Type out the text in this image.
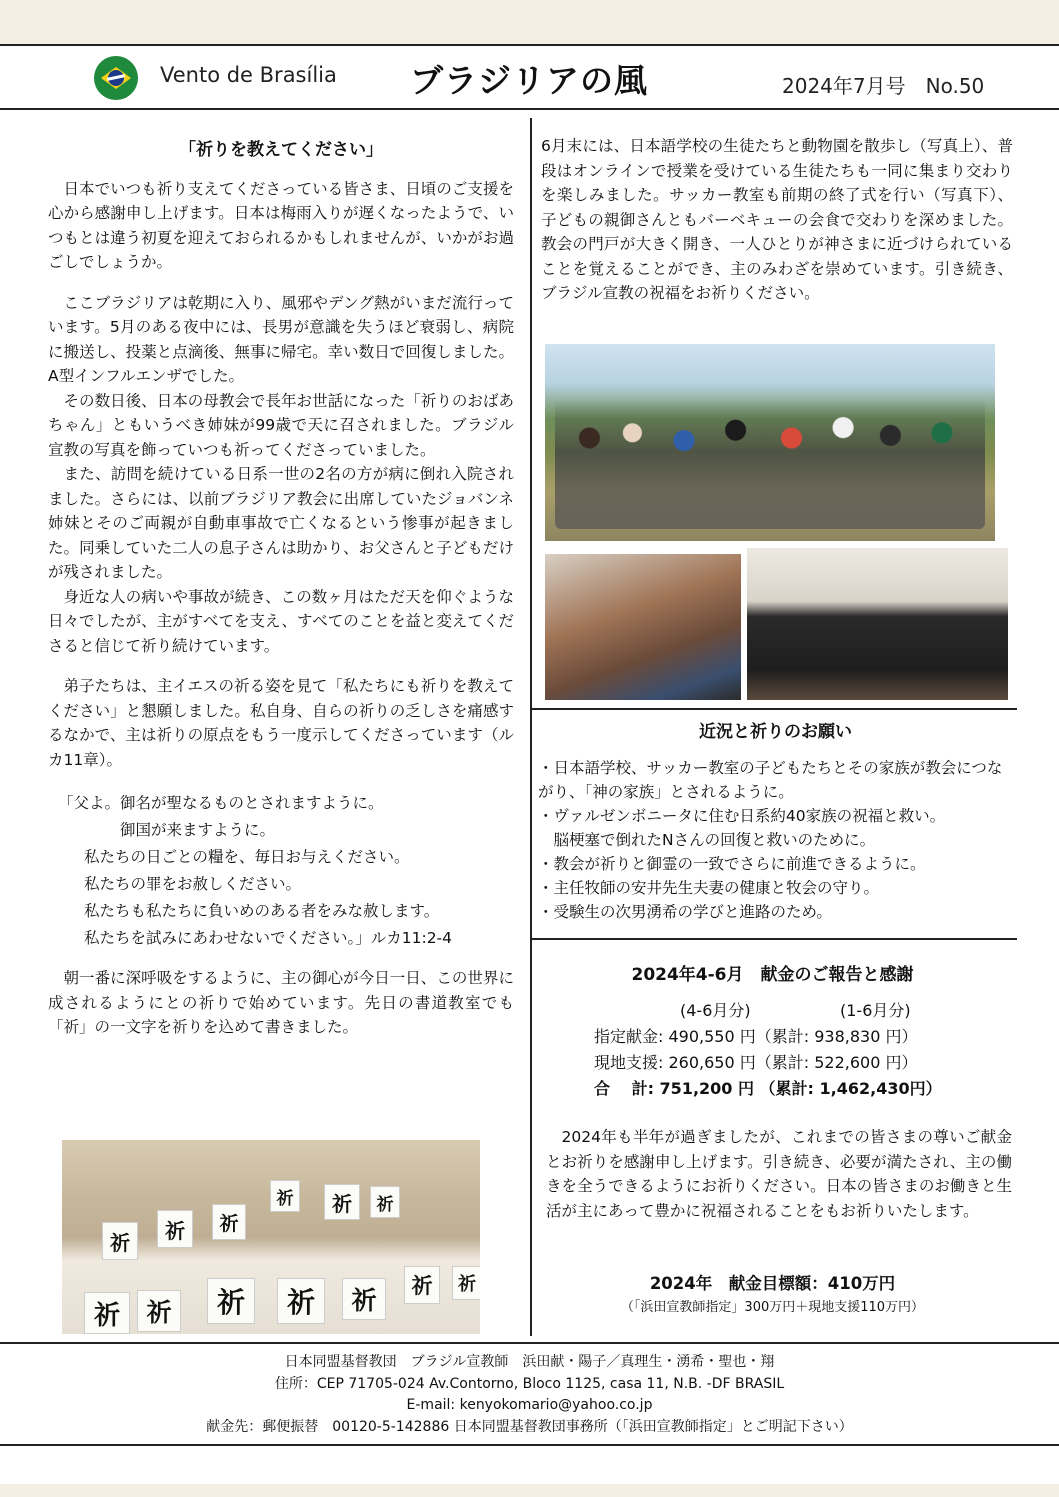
Vento de Brasília ブラジリアの風	2024年7月号　No.50
「祈りを教えてください」

日本でいつも祈り支えてくださっている皆さま、日頃のご支援を心から感謝申し上げます。日本は梅雨入りが遅くなったようで、いつもとは違う初夏を迎えておられるかもしれませんが、いかがお過ごしでしょうか。

ここブラジリアは乾期に入り、風邪やデング熱がいまだ流行っています。5月のある夜中には、長男が意識を失うほど衰弱し、病院に搬送し、投薬と点滴後、無事に帰宅。幸い数日で回復しました。A型インフルエンザでした。

その数日後、日本の母教会で長年お世話になった「祈りのおばあちゃん」ともいうべき姉妹が99歳で天に召されました。ブラジル宣教の写真を飾っていつも祈ってくださっていました。

また、訪問を続けている日系一世の2名の方が病に倒れ入院されました。さらには、以前ブラジリア教会に出席していたジョバンネ姉妹とそのご両親が自動車事故で亡くなるという惨事が起きました。同乗していた二人の息子さんは助かり、お父さんと子どもだけが残されました。

身近な人の病いや事故が続き、この数ヶ月はただ天を仰ぐような日々でしたが、主がすべてを支え、すべてのことを益と変えてくださると信じて祈り続けています。

弟子たちは、主イエスの祈る姿を見て「私たちにも祈りを教えてください」と懇願しました。私自身、自らの祈りの乏しさを痛感するなかで、主は祈りの原点をもう一度示してくださっています（ルカ11章）。

「父よ。御名が聖なるものとされますように。
御国が来ますように。
私たちの日ごとの糧を、毎日お与えください。
私たちの罪をお赦しください。
私たちも私たちに負いめのある者をみな赦します。
私たちを試みにあわせないでください。」ルカ11:2-4

朝一番に深呼吸をするように、主の御心が今日一日、この世界に成されるようにとの祈りで始めています。先日の書道教室でも「祈」の一文字を祈りを込めて書きました。

祈	祈	祈
祈	祈	祈
祈	祈	祈	祈	祈
祈	祈

6月末には、日本語学校の生徒たちと動物園を散歩し（写真上）、普段はオンラインで授業を受けている生徒たちも一同に集まり交わりを楽しみました。サッカー教室も前期の終了式を行い（写真下）、子どもの親御さんともバーベキューの会食で交わりを深めました。教会の門戸が大きく開き、一人ひとりが神さまに近づけられていることを覚えることができ、主のみわざを崇めています。引き続き、ブラジル宣教の祝福をお祈りください。

近況と祈りのお願い
・日本語学校、サッカー教室の子どもたちとその家族が教会につながり、「神の家族」とされるように。
・ヴァルゼンボニータに住む日系約40家族の祝福と救い。
　脳梗塞で倒れたNさんの回復と救いのために。
・教会が祈りと御霊の一致でさらに前進できるように。
・主任牧師の安井先生夫妻の健康と牧会の守り。
・受験生の次男湧希の学びと進路のため。
2024年4-6月　献金のご報告と感謝
(4-6月分)	(1-6月分)
指定献金: 490,550 円（累計: 938,830 円）
現地支援: 260,650 円（累計: 522,600 円）
合　 計: 751,200 円 （累計: 1,462,430円）

2024年も半年が過ぎましたが、これまでの皆さまの尊いご献金とお祈りを感謝申し上げます。引き続き、必要が満たされ、主の働きを全うできるようにお祈りください。日本の皆さまのお働きと生活が主にあって豊かに祝福されることをもお祈りいたします。

2024年　献金目標額：410万円
（「浜田宣教師指定」300万円＋現地支援110万円）
日本同盟基督教団　ブラジル宣教師　浜田献・陽子／真理生・湧希・聖也・翔
住所：CEP 71705-024 Av.Contorno, Bloco 1125, casa 11, N.B. -DF BRASIL
E-mail: kenyokomario@yahoo.co.jp
献金先：郵便振替　00120-5-142886 日本同盟基督教団事務所（「浜田宣教師指定」とご明記下さい）
